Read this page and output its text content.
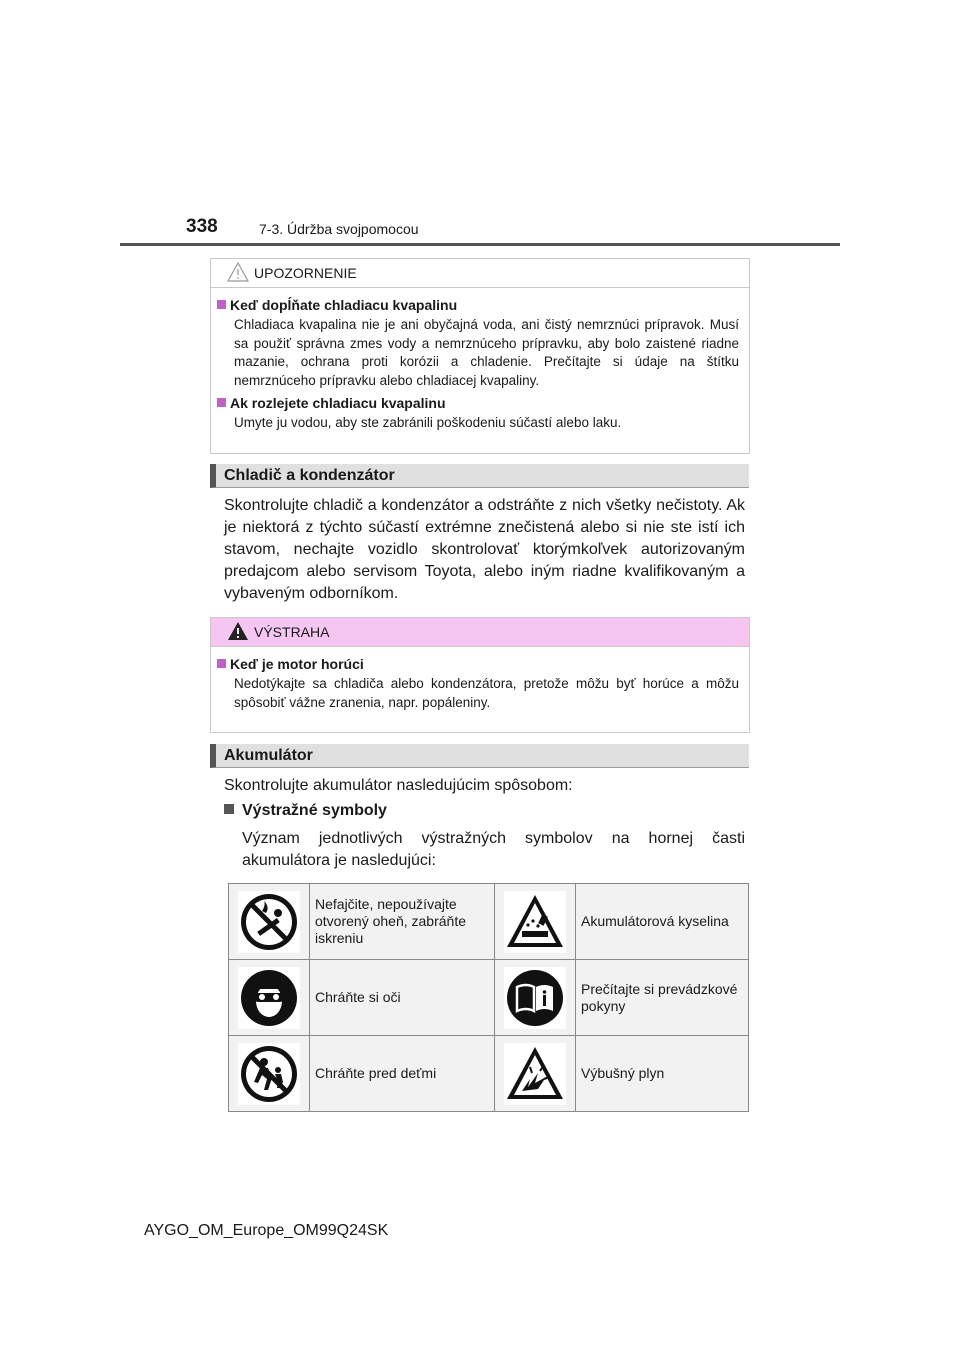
338	7-3. Údržba svojpomocou
UPOZORNENIE
Keď dopĺňate chladiacu kvapalinu
Chladiaca kvapalina nie je ani obyčajná voda, ani čistý nemrznúci prípravok. Musí sa použiť správna zmes vody a nemrznúceho prípravku, aby bolo zaistené riadne mazanie, ochrana proti korózii a chladenie. Prečítajte si údaje na štítku nemrznúceho prípravku alebo chladiacej kvapaliny.
Ak rozlejete chladiacu kvapalinu
Umyte ju vodou, aby ste zabránili poškodeniu súčastí alebo laku.
Chladič a kondenzátor
Skontrolujte chladič a kondenzátor a odstráňte z nich všetky nečistoty. Ak je niektorá z týchto súčastí extrémne znečistená alebo si nie ste istí ich stavom, nechajte vozidlo skontrolovať ktorýmkoľvek autorizovaným predajcom alebo servisom Toyota, alebo iným riadne kvalifikovaným a vybaveným odborníkom.
VÝSTRAHA
Keď je motor horúci
Nedotýkajte sa chladiča alebo kondenzátora, pretože môžu byť horúce a môžu spôsobiť vážne zranenia, napr. popáleniny.
Akumulátor
Skontrolujte akumulátor nasledujúcim spôsobom:
Výstražné symboly
Význam jednotlivých výstražných symbolov na hornej časti akumulátora je nasledujúci:
	Nefajčite, nepoužívajte otvorený oheň, zabráňte iskreniu		Akumulátorová kyselina
	Chráňte si oči		Prečítajte si prevádzkové pokyny
	Chráňte pred deťmi		Výbušný plyn
AYGO_OM_Europe_OM99Q24SK
